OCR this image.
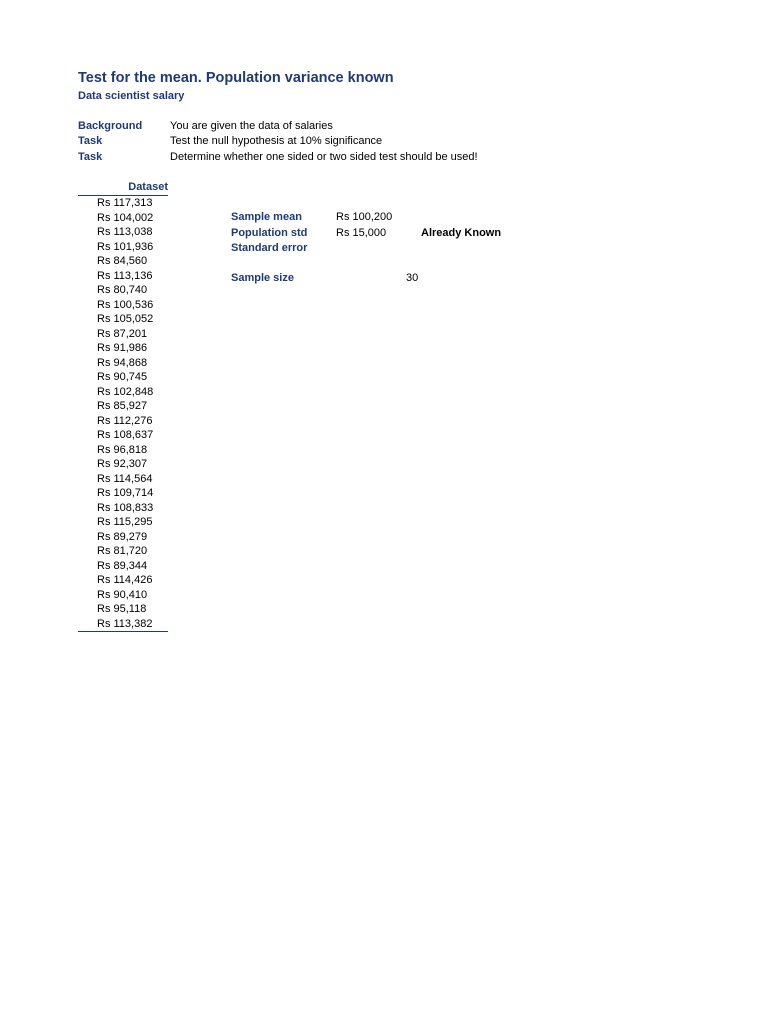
Test for the mean. Population variance known
Data scientist salary
Background	You are given the data of salaries
Task	Test the null hypothesis at 10% significance
Task	Determine whether one sided or two sided test should be used!
Dataset
Rs 117,313
Rs 104,002
Rs 113,038
Rs 101,936
Rs 84,560
Rs 113,136
Rs 80,740
Rs 100,536
Rs 105,052
Rs 87,201
Rs 91,986
Rs 94,868
Rs 90,745
Rs 102,848
Rs 85,927
Rs 112,276
Rs 108,637
Rs 96,818
Rs 92,307
Rs 114,564
Rs 109,714
Rs 108,833
Rs 115,295
Rs 89,279
Rs 81,720
Rs 89,344
Rs 114,426
Rs 90,410
Rs 95,118
Rs 113,382
Sample mean	Rs 100,200
Population std	Rs 15,000	Already Known
Standard error
Sample size	30
